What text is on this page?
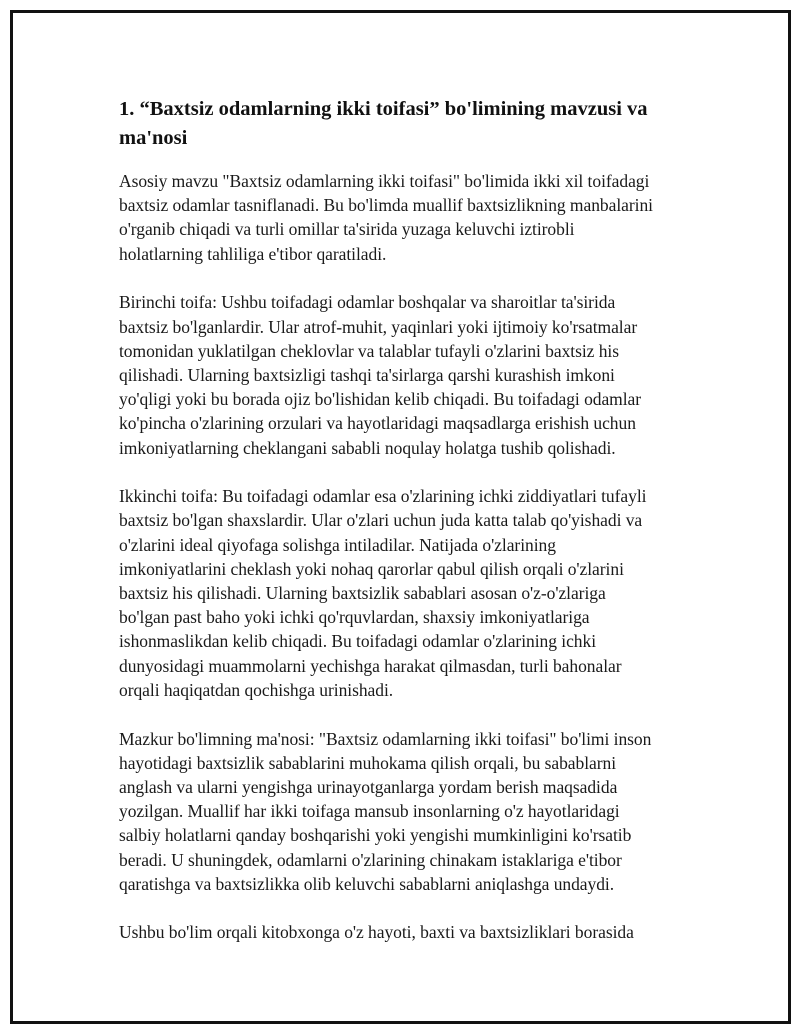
1. “Baxtsiz odamlarning ikki toifasi” bo'limining mavzusi va
ma'nosi

Asosiy mavzu "Baxtsiz odamlarning ikki toifasi" bo'limida ikki xil toifadagi
baxtsiz odamlar tasniflanadi. Bu bo'limda muallif baxtsizlikning manbalarini
o'rganib chiqadi va turli omillar ta'sirida yuzaga keluvchi iztirobli
holatlarning tahliliga e'tibor qaratiladi.

Birinchi toifa: Ushbu toifadagi odamlar boshqalar va sharoitlar ta'sirida
baxtsiz bo'lganlardir. Ular atrof-muhit, yaqinlari yoki ijtimoiy ko'rsatmalar
tomonidan yuklatilgan cheklovlar va talablar tufayli o'zlarini baxtsiz his
qilishadi. Ularning baxtsizligi tashqi ta'sirlarga qarshi kurashish imkoni
yo'qligi yoki bu borada ojiz bo'lishidan kelib chiqadi. Bu toifadagi odamlar
ko'pincha o'zlarining orzulari va hayotlaridagi maqsadlarga erishish uchun
imkoniyatlarning cheklangani sababli noqulay holatga tushib qolishadi.

Ikkinchi toifa: Bu toifadagi odamlar esa o'zlarining ichki ziddiyatlari tufayli
baxtsiz bo'lgan shaxslardir. Ular o'zlari uchun juda katta talab qo'yishadi va
o'zlarini ideal qiyofaga solishga intiladilar. Natijada o'zlarining
imkoniyatlarini cheklash yoki nohaq qarorlar qabul qilish orqali o'zlarini
baxtsiz his qilishadi. Ularning baxtsizlik sabablari asosan o'z-o'zlariga
bo'lgan past baho yoki ichki qo'rquvlardan, shaxsiy imkoniyatlariga
ishonmaslikdan kelib chiqadi. Bu toifadagi odamlar o'zlarining ichki
dunyosidagi muammolarni yechishga harakat qilmasdan, turli bahonalar
orqali haqiqatdan qochishga urinishadi.

Mazkur bo'limning ma'nosi: "Baxtsiz odamlarning ikki toifasi" bo'limi inson
hayotidagi baxtsizlik sabablarini muhokama qilish orqali, bu sabablarni
anglash va ularni yengishga urinayotganlarga yordam berish maqsadida
yozilgan. Muallif har ikki toifaga mansub insonlarning o'z hayotlaridagi
salbiy holatlarni qanday boshqarishi yoki yengishi mumkinligini ko'rsatib
beradi. U shuningdek, odamlarni o'zlarining chinakam istaklariga e'tibor
qaratishga va baxtsizlikka olib keluvchi sabablarni aniqlashga undaydi.

Ushbu bo'lim orqali kitobxonga o'z hayoti, baxti va baxtsizliklari borasida
